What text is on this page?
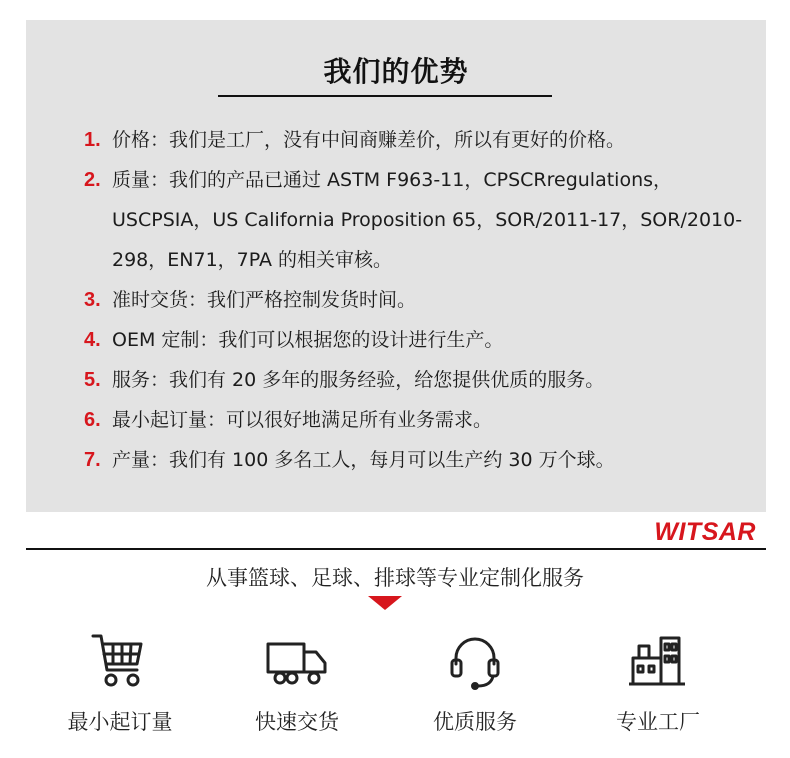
我们的优势
1. 价格：我们是工厂，没有中间商赚差价，所以有更好的价格。
2. 质量：我们的产品已通过 ASTM F963-11，CPSCRregulations，USCPSIA，US California Proposition 65，SOR/2011-17，SOR/2010-298，EN71，7PA 的相关审核。
3. 准时交货：我们严格控制发货时间。
4. OEM 定制：我们可以根据您的设计进行生产。
5. 服务：我们有 20 多年的服务经验，给您提供优质的服务。
6. 最小起订量：可以很好地满足所有业务需求。
7. 产量：我们有 100 多名工人，每月可以生产约 30 万个球。
WITSAR
从事篮球、足球、排球等专业定制化服务
最小起订量	快速交货	优质服务	专业工厂
